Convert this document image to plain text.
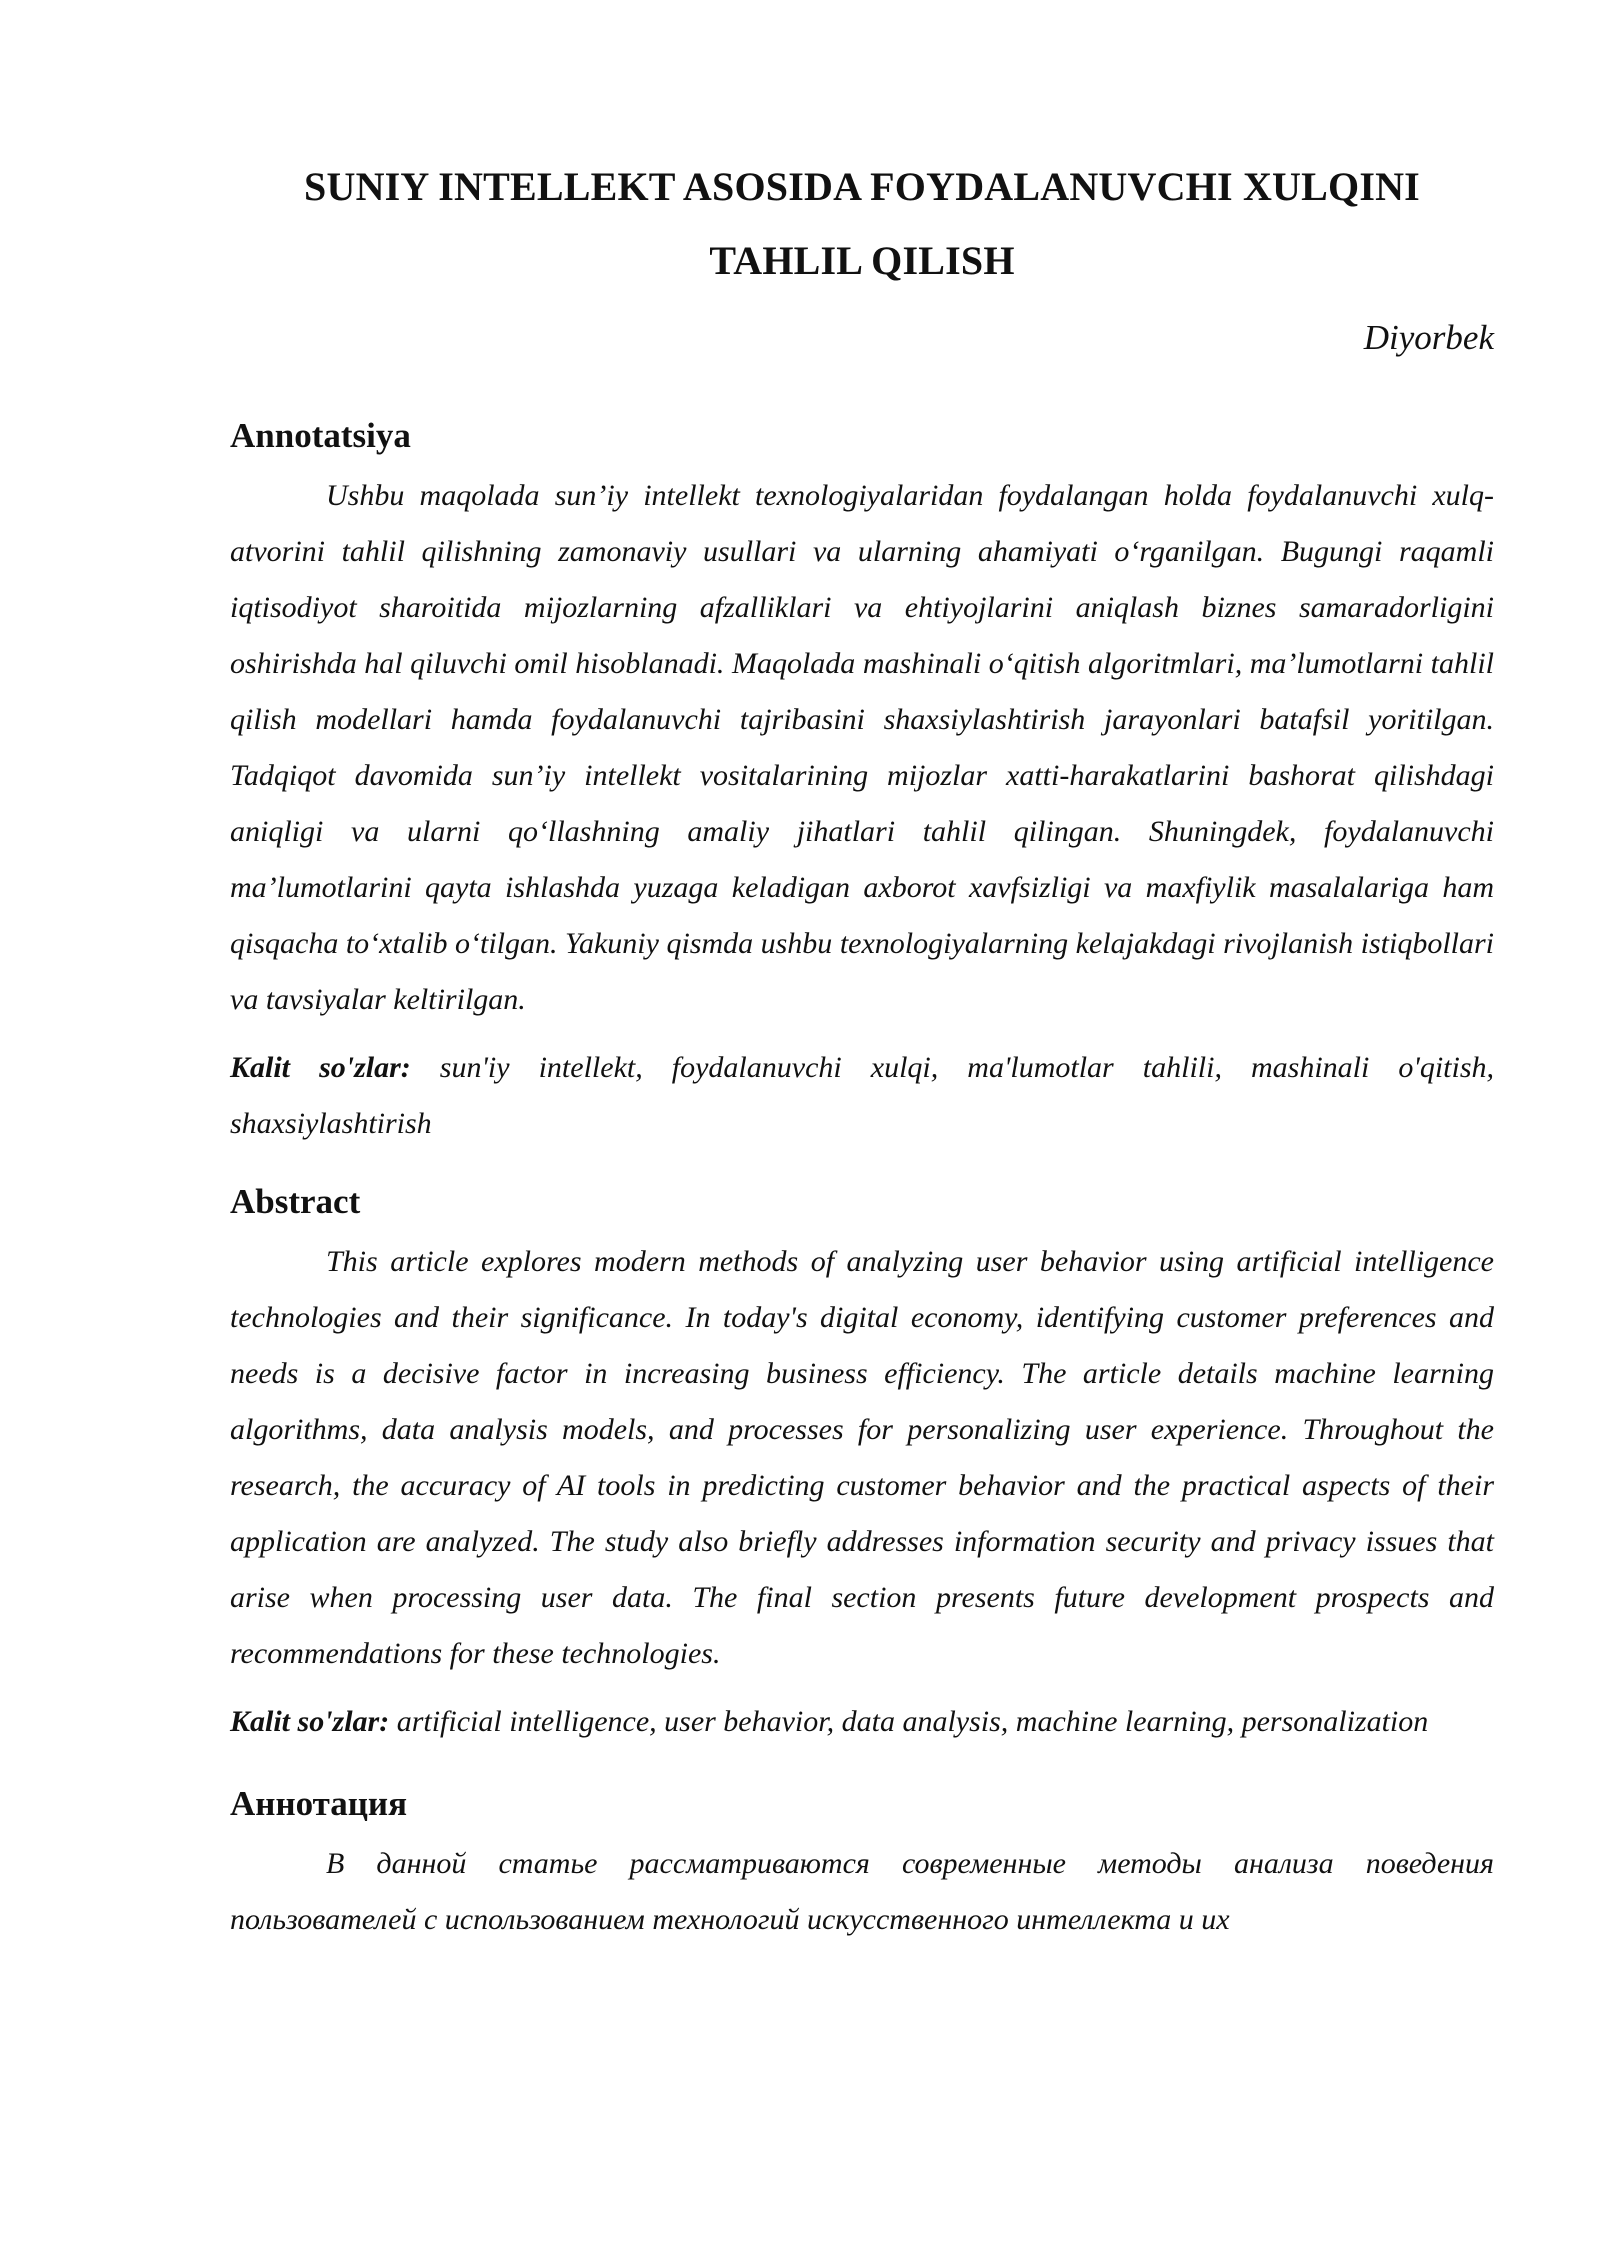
SUNIY INTELLEKT ASOSIDA FOYDALANUVCHI XULQINI
TAHLIL QILISH
Diyorbek
Annotatsiya

Ushbu maqolada sun’iy intellekt texnologiyalaridan foydalangan holda foydalanuvchi xulq-atvorini tahlil qilishning zamonaviy usullari va ularning ahamiyati o‘rganilgan. Bugungi raqamli iqtisodiyot sharoitida mijozlarning afzalliklari va ehtiyojlarini aniqlash biznes samaradorligini oshirishda hal qiluvchi omil hisoblanadi. Maqolada mashinali o‘qitish algoritmlari, ma’lumotlarni tahlil qilish modellari hamda foydalanuvchi tajribasini shaxsiylashtirish jarayonlari batafsil yoritilgan. Tadqiqot davomida sun’iy intellekt vositalarining mijozlar xatti-harakatlarini bashorat qilishdagi aniqligi va ularni qo‘llashning amaliy jihatlari tahlil qilingan. Shuningdek, foydalanuvchi ma’lumotlarini qayta ishlashda yuzaga keladigan axborot xavfsizligi va maxfiylik masalalariga ham qisqacha to‘xtalib o‘tilgan. Yakuniy qismda ushbu texnologiyalarning kelajakdagi rivojlanish istiqbollari va tavsiyalar keltirilgan.

Kalit so'zlar: sun'iy intellekt, foydalanuvchi xulqi, ma'lumotlar tahlili, mashinali o'qitish, shaxsiylashtirish

Abstract

This article explores modern methods of analyzing user behavior using artificial intelligence technologies and their significance. In today's digital economy, identifying customer preferences and needs is a decisive factor in increasing business efficiency. The article details machine learning algorithms, data analysis models, and processes for personalizing user experience. Throughout the research, the accuracy of AI tools in predicting customer behavior and the practical aspects of their application are analyzed. The study also briefly addresses information security and privacy issues that arise when processing user data. The final section presents future development prospects and recommendations for these technologies.

Kalit so'zlar: artificial intelligence, user behavior, data analysis, machine learning, personalization

Аннотация

В данной статье рассматриваются современные методы анализа поведения пользователей с использованием технологий искусственного интеллекта и их
